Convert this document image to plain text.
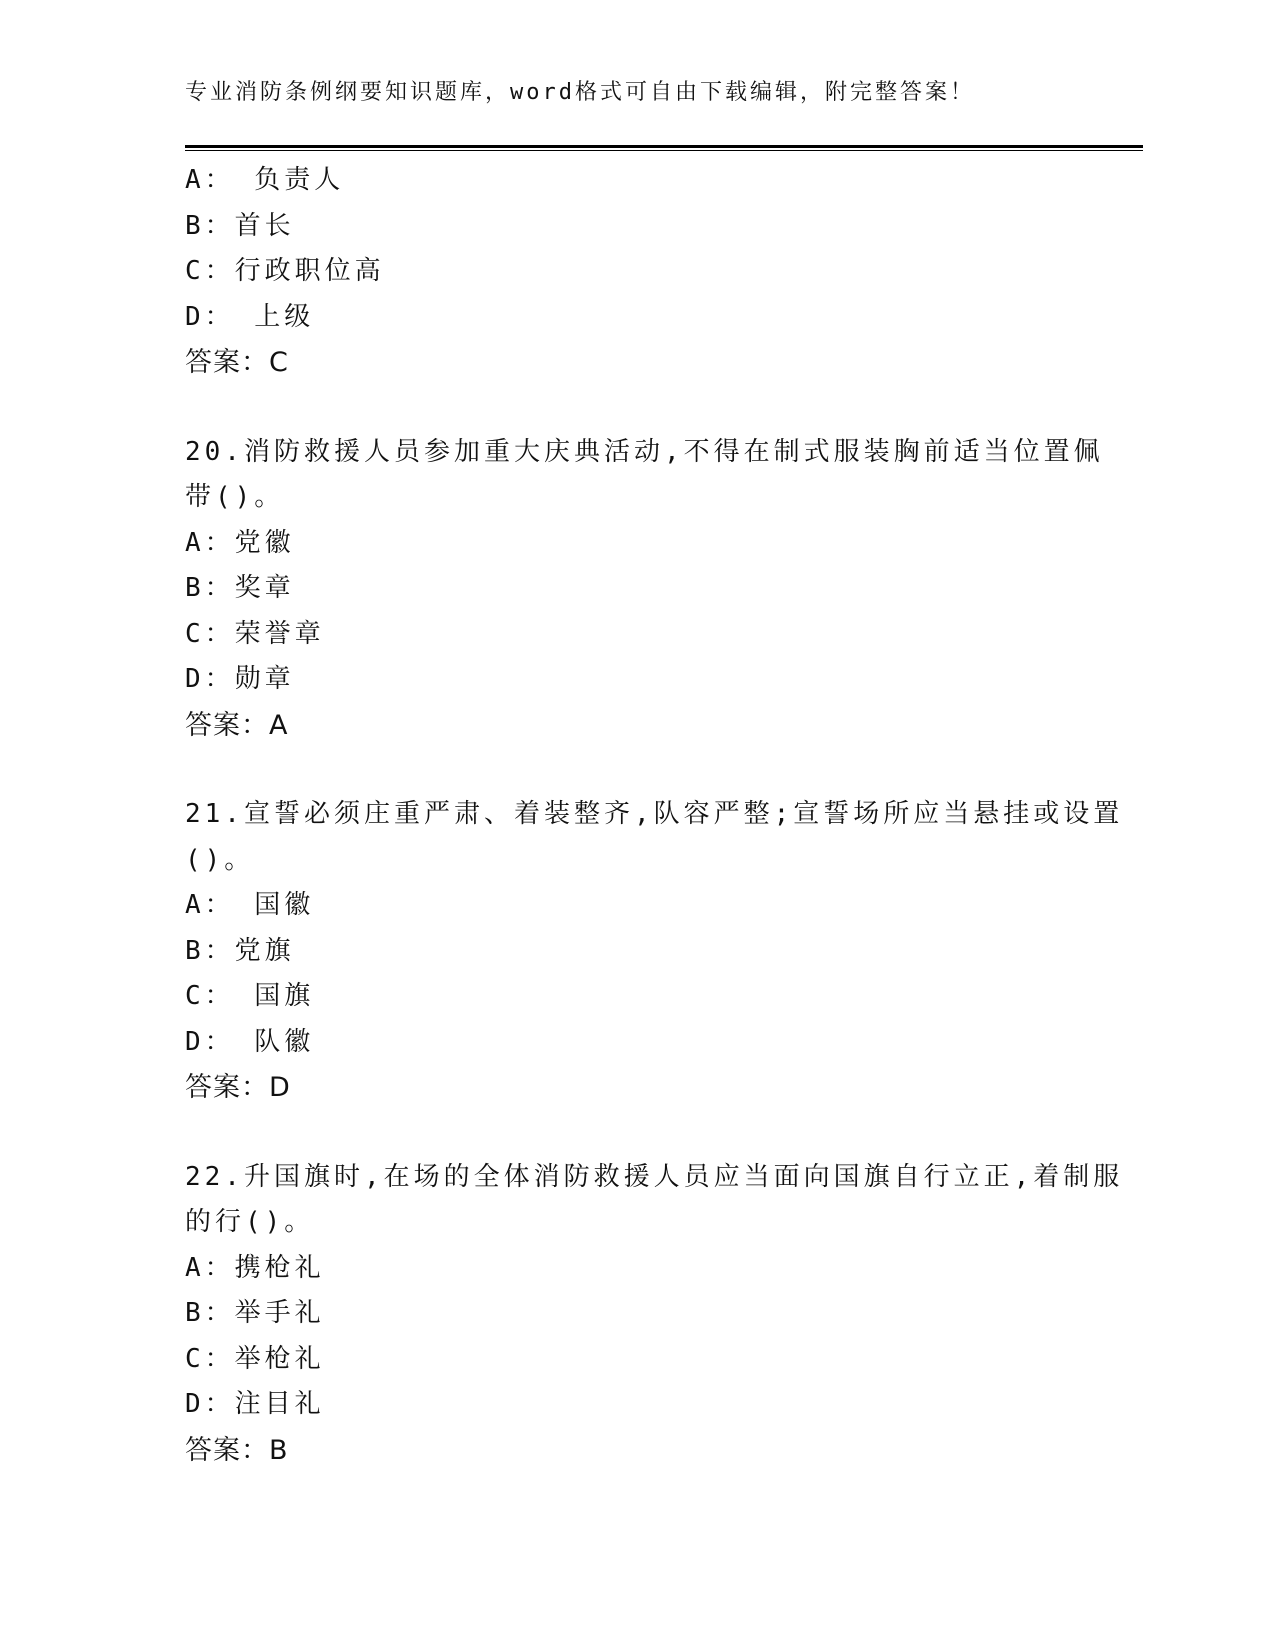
专业消防条例纲要知识题库，word格式可自由下载编辑，附完整答案！
A： 负责人
B：首长
C：行政职位高
D： 上级
答案：C
20.消防救援人员参加重大庆典活动,不得在制式服装胸前适当位置佩
带()。
A：党徽
B：奖章
C：荣誉章
D：勋章
答案：A
21.宣誓必须庄重严肃、着装整齐,队容严整;宣誓场所应当悬挂或设置
()。
A： 国徽
B：党旗
C： 国旗
D： 队徽
答案：D
22.升国旗时,在场的全体消防救援人员应当面向国旗自行立正,着制服
的行()。
A：携枪礼
B：举手礼
C：举枪礼
D：注目礼
答案：B
